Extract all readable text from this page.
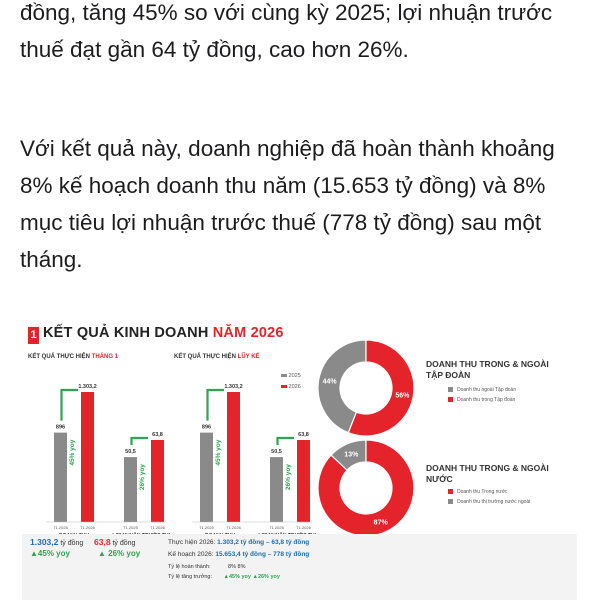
đồng, tăng 45% so với cùng kỳ 2025; lợi nhuận trước thuế đạt gần 64 tỷ đồng, cao hơn 26%.

Với kết quả này, doanh nghiệp đã hoàn thành khoảng 8% kế hoạch doanh thu năm (15.653 tỷ đồng) và 8% mục tiêu lợi nhuận trước thuế (778 tỷ đồng) sau một tháng.

1 KẾT QUẢ KINH DOANH NĂM 2026
KẾT QUẢ THỰC HIỆN THÁNG 1	KẾT QUẢ THỰC HIỆN LŨY KẾ
2025
2026
896
T1.2025
1.303,2
T1.2026
45% yoy	50,5
T1.2025
63,8
T1.2026
26% yoy
896
T1.2025
1.303,2
T1.2026
45% yoy	50,5
T1.2025
63,8
T1.2026
26% yoy
44%
56%
13%
87%
DOANH THU TRONG & NGOÀI TẬP ĐOÀN
Doanh thu ngoài Tập đoàn
Doanh thu trong Tập đoàn
DOANH THU TRONG & NGOÀI NƯỚC
Doanh thu Trong nước
Doanh thu thị trường nước ngoài
1.303,2 tỷ đồng 63,8 tỷ đồng
▲45% yoy	▲ 26% yoy
Thực hiện 2026: 1.303,2 tỷ đồng – 63,8 tỷ đồng
Kế hoạch 2026: 15.653,4 tỷ đồng – 778 tỷ đồng
Tỷ lệ hoàn thành:	8% 8%
Tỷ lệ tăng trưởng: ▲45% yoy ▲26% yoy
